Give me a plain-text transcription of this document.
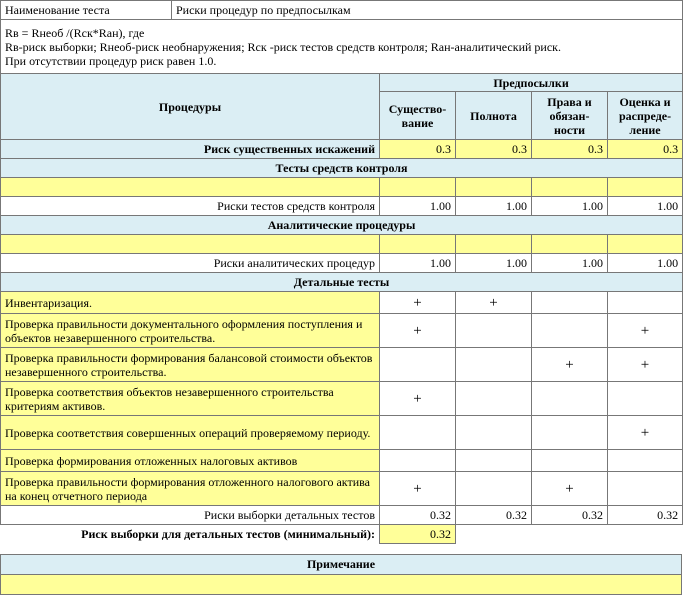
Наименование теста	Риски процедур по предпосылкам				

Rв = Rнеоб /(Rск*Rан), где
Rв-риск выборки; Rнеоб-риск необнаружения; Rск -риск тестов средств контроля; Rан-аналитический риск.
При отсутствии процедур риск равен 1.0.					

Процедуры		Предпосылки			
		Существо-вание	Полнота	Права и обязан-ности	Оценка и распреде-ление
Риск существенных искажений		0.3	0.3	0.3	0.3
Тесты средств контроля					

Риски тестов средств контроля		1.00	1.00	1.00	1.00
Аналитические процедуры					

Риски аналитических процедур		1.00	1.00	1.00	1.00
Детальные тесты					
Инвентаризация.		+	+		
Проверка правильности документального оформления поступления и объектов незавершенного строительства.		+			+
Проверка правильности формирования балансовой стоимости объектов незавершенного строительства.				+	+
Проверка соответствия объектов незавершенного строительства критериям активов.		+			
Проверка соответствия совершенных операций проверяемому периоду.					+
Проверка формирования отложенных налоговых активов					
Проверка правильности формирования отложенного налогового актива на конец отчетного периода		+		+	
Риски выборки детальных тестов		0.32	0.32	0.32	0.32
Риск выборки для детальных тестов (минимальный):		0.32			
Примечание
